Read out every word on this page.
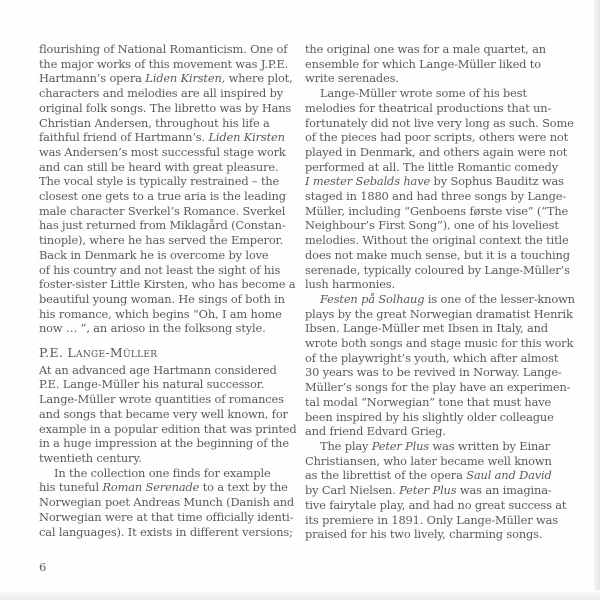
flourishing of National Romanticism. One of
the major works of this movement was J.P.E.
Hartmann’s opera Liden Kirsten, where plot,
characters and melodies are all inspired by
original folk songs. The libretto was by Hans
Christian Andersen, throughout his life a
faithful friend of Hartmann’s. Liden Kirsten
was Andersen’s most successful stage work
and can still be heard with great pleasure.
The vocal style is typically restrained – the
closest one gets to a true aria is the leading
male character Sverkel’s Romance. Sverkel
has just returned from Miklagård (Constan-
tinople), where he has served the Emperor.
Back in Denmark he is overcome by love
of his country and not least the sight of his
foster-sister Little Kirsten, who has become a
beautiful young woman. He sings of both in
his romance, which begins “Oh, I am home
now … ”, an arioso in the folksong style.
P.E. Lange-Müller
At an advanced age Hartmann considered
P.E. Lange-Müller his natural successor.
Lange-Müller wrote quantities of romances
and songs that became very well known, for
example in a popular edition that was printed
in a huge impression at the beginning of the
twentieth century.
In the collection one finds for example
his tuneful Roman Serenade to a text by the
Norwegian poet Andreas Munch (Danish and
Norwegian were at that time officially identi-
cal languages). It exists in different versions;
the original one was for a male quartet, an
ensemble for which Lange-Müller liked to
write serenades.
Lange-Müller wrote some of his best
melodies for theatrical productions that un-
fortunately did not live very long as such. Some
of the pieces had poor scripts, others were not
played in Denmark, and others again were not
performed at all. The little Romantic comedy
I mester Sebalds have by Sophus Bauditz was
staged in 1880 and had three songs by Lange-
Müller, including “Genboens første vise” (“The
Neighbour’s First Song”), one of his loveliest
melodies. Without the original context the title
does not make much sense, but it is a touching
serenade, typically coloured by Lange-Müller’s
lush harmonies.
Festen på Solhaug is one of the lesser-known
plays by the great Norwegian dramatist Henrik
Ibsen. Lange-Müller met Ibsen in Italy, and
wrote both songs and stage music for this work
of the playwright’s youth, which after almost
30 years was to be revived in Norway. Lange-
Müller’s songs for the play have an experimen-
tal modal “Norwegian” tone that must have
been inspired by his slightly older colleague
and friend Edvard Grieg.
The play Peter Plus was written by Einar
Christiansen, who later became well known
as the librettist of the opera Saul and David
by Carl Nielsen. Peter Plus was an imagina-
tive fairytale play, and had no great success at
its premiere in 1891. Only Lange-Müller was
praised for his two lively, charming songs.
6
